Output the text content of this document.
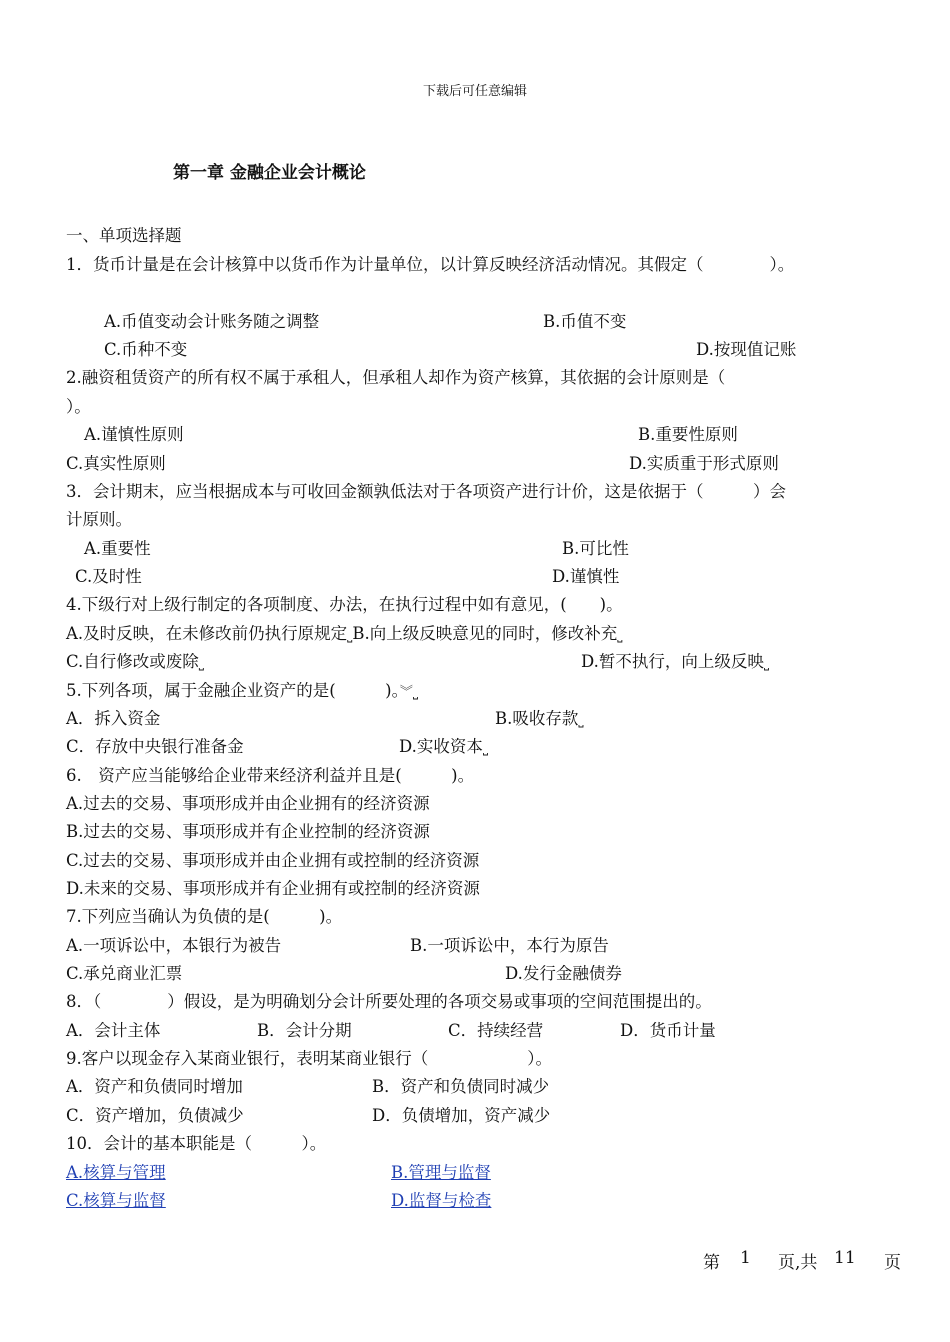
下载后可任意编辑
第一章 金融企业会计概论
一、单项选择题
1．货币计量是在会计核算中以货币作为计量单位，以计算反映经济活动情况。其假定（　　　　）。
A.币值变动会计账务随之调整	B.币值不变
C.币种不变	D.按现值记账
2.融资租赁资产的所有权不属于承租人，但承租人却作为资产核算，其依据的会计原则是（
）。
A.谨慎性原则	B.重要性原则
C.真实性原则	D.实质重于形式原则
3．会计期末，应当根据成本与可收回金额孰低法对于各项资产进行计价，这是依据于（　　　）会
计原则。
A.重要性	B.可比性
C.及时性	D.谨慎性
4.下级行对上级行制定的各项制度、办法，在执行过程中如有意见，(　　)。
A.及时反映，在未修改前仍执行原规定⎵B.向上级反映意见的同时，修改补充⎵
C.自行修改或废除⎵	D.暂不执行，向上级反映⎵
5.下列各项，属于金融企业资产的是(　　　)。︾⎵
A．拆入资金	B.吸收存款⎵
C．存放中央银行准备金	D.实收资本⎵
6.　资产应当能够给企业带来经济利益并且是(　　　)。
A.过去的交易、事项形成并由企业拥有的经济资源
B.过去的交易、事项形成并有企业控制的经济资源
C.过去的交易、事项形成并由企业拥有或控制的经济资源
D.未来的交易、事项形成并有企业拥有或控制的经济资源
7.下列应当确认为负债的是(　　　)。
A.一项诉讼中，本银行为被告	B.一项诉讼中，本行为原告
C.承兑商业汇票	D.发行金融债券
8．（　　　　）假设，是为明确划分会计所要处理的各项交易或事项的空间范围提出的。
A．会计主体	B．会计分期	C．持续经营	D．货币计量
9.客户以现金存入某商业银行，表明某商业银行（　　　　　　）。
A．资产和负债同时增加	B．资产和负债同时减少
C．资产增加，负债减少	D．负债增加，资产减少
10．会计的基本职能是（　　　）。
A.核算与管理	B.管理与监督
C.核算与监督	D.监督与检查
第 1 页,共 11 页
